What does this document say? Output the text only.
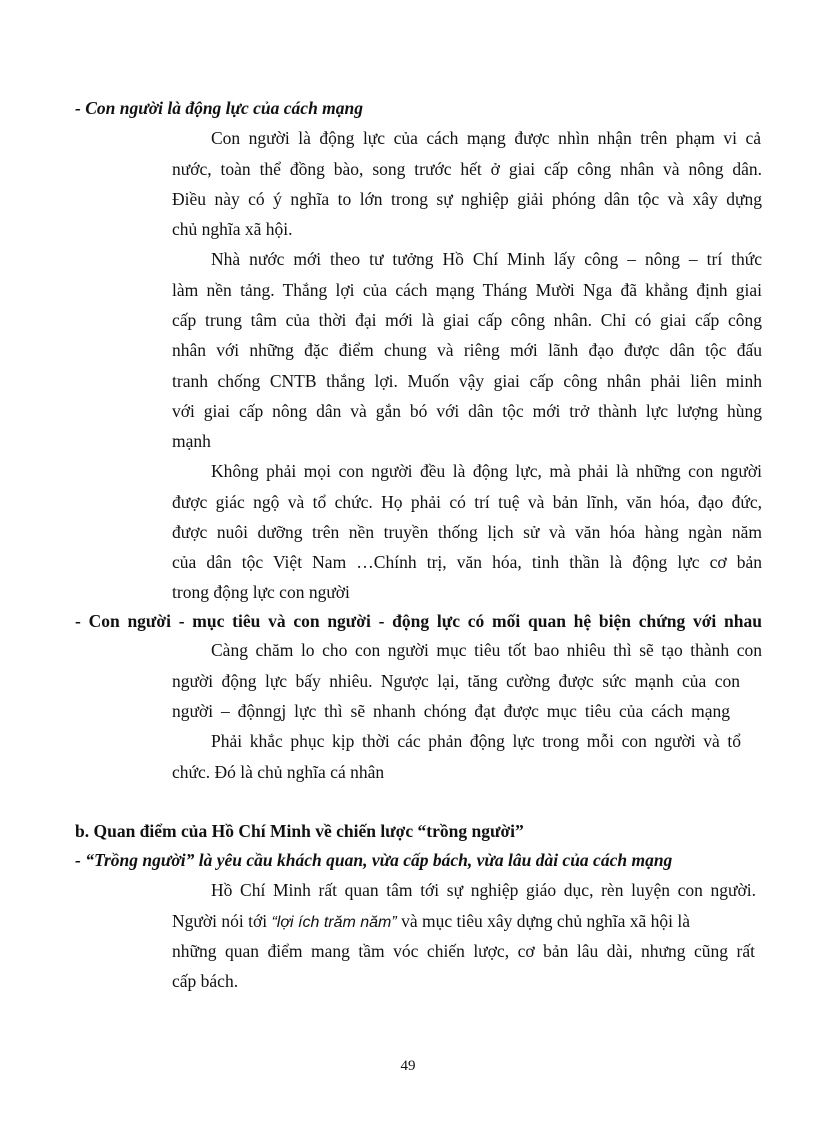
- Con người là động lực của cách mạng
Con người là động lực của cách mạng được nhìn nhận trên phạm vi cả
nước, toàn thể đồng bào, song trước hết ở giai cấp công nhân và nông dân.
Điều này có ý nghĩa to lớn trong sự nghiệp giải phóng dân tộc và xây dựng
chủ nghĩa xã hội.
Nhà nước mới theo tư tưởng Hồ Chí Minh lấy công – nông – trí thức
làm nền tảng. Thắng lợi của cách mạng Tháng Mười Nga đã khẳng định giai
cấp trung tâm của thời đại mới là giai cấp công nhân. Chỉ có giai cấp công
nhân với những đặc điểm chung và riêng mới lãnh đạo được dân tộc đấu
tranh chống CNTB thắng lợi. Muốn vậy giai cấp công nhân phải liên minh
với giai cấp nông dân và gắn bó với dân tộc mới trở thành lực lượng hùng
mạnh
Không phải mọi con người đều là động lực, mà phải là những con người
được giác ngộ và tổ chức. Họ phải có trí tuệ và bản lĩnh, văn hóa, đạo đức,
được nuôi dưỡng trên nền truyền thống lịch sử và văn hóa hàng ngàn năm
của dân tộc Việt Nam …Chính trị, văn hóa, tinh thần là động lực cơ bản
trong động lực con người
- Con người - mục tiêu và con người - động lực có mối quan hệ biện chứng với nhau
Càng chăm lo cho con người mục tiêu tốt bao nhiêu thì sẽ tạo thành con
người động lực bấy nhiêu. Ngược lại, tăng cường được sức mạnh của con
người – độnngj lực thì sẽ nhanh chóng đạt được mục tiêu của cách mạng
Phải khắc phục kịp thời các phản động lực trong mỗi con người và tổ
chức. Đó là chủ nghĩa cá nhân
b. Quan điểm của Hồ Chí Minh về chiến lược “trồng người”
- “Trồng người” là yêu cầu khách quan, vừa cấp bách, vừa lâu dài của cách mạng
Hồ Chí Minh rất quan tâm tới sự nghiệp giáo dục, rèn luyện con người.
Người nói tới “lợi ích trăm năm” và mục tiêu xây dựng chủ nghĩa xã hội là
những quan điểm mang tầm vóc chiến lược, cơ bản lâu dài, nhưng cũng rất
cấp bách.
49
